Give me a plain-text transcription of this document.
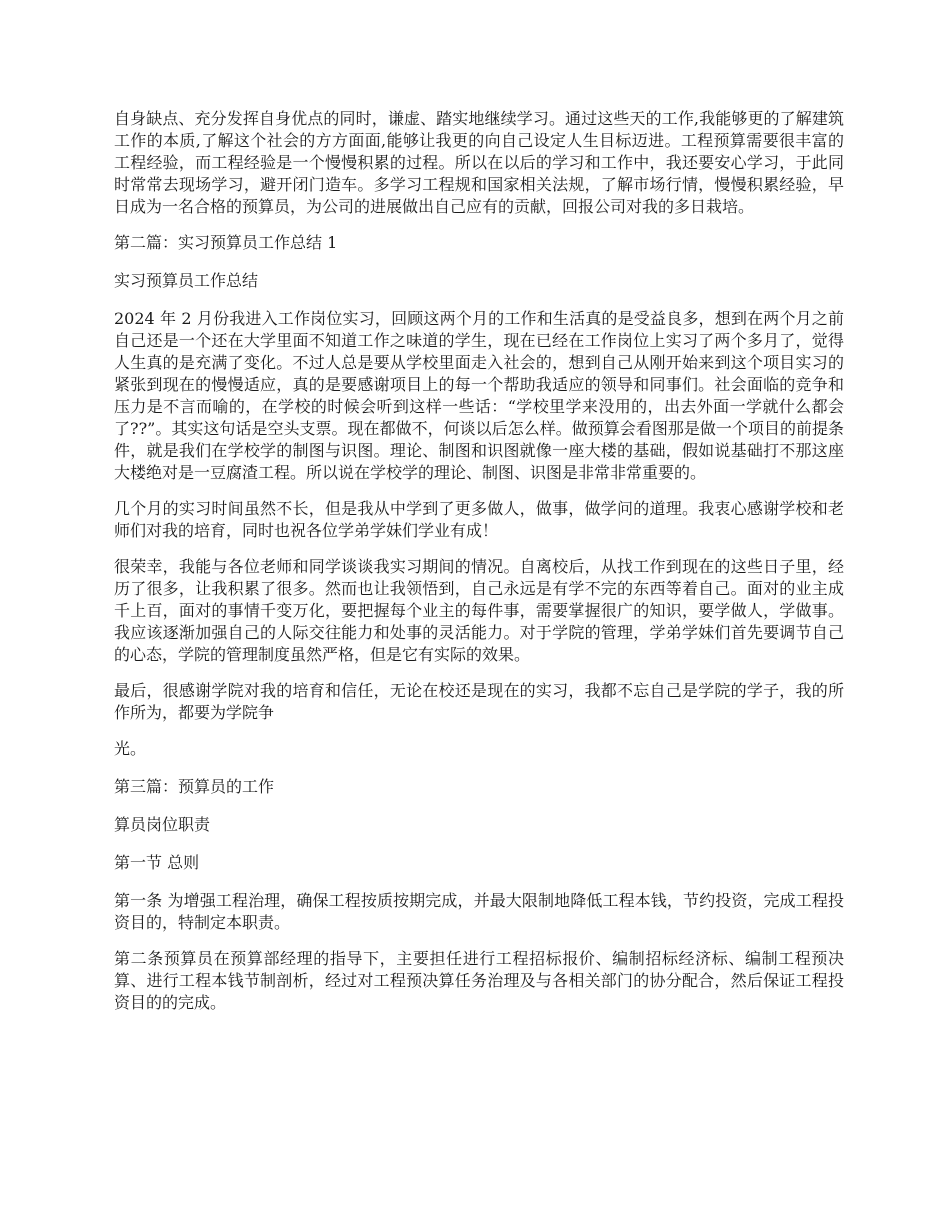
自身缺点、充分发挥自身优点的同时，谦虚、踏实地继续学习。通过这些天的工作,我能够更的了解建筑工作的本质,了解这个社会的方方面面,能够让我更的向自己设定人生目标迈进。工程预算需要很丰富的工程经验，而工程经验是一个慢慢积累的过程。所以在以后的学习和工作中，我还要安心学习，于此同时常常去现场学习，避开闭门造车。多学习工程规和国家相关法规，了解市场行情，慢慢积累经验，早日成为一名合格的预算员，为公司的进展做出自己应有的贡献，回报公司对我的多日栽培。

第二篇：实习预算员工作总结 1

实习预算员工作总结

2024 年 2 月份我进入工作岗位实习，回顾这两个月的工作和生活真的是受益良多，想到在两个月之前自己还是一个还在大学里面不知道工作之味道的学生，现在已经在工作岗位上实习了两个多月了，觉得人生真的是充满了变化。不过人总是要从学校里面走入社会的，想到自己从刚开始来到这个项目实习的紧张到现在的慢慢适应，真的是要感谢项目上的每一个帮助我适应的领导和同事们。社会面临的竞争和压力是不言而喻的，在学校的时候会听到这样一些话：“学校里学来没用的，出去外面一学就什么都会了??”。其实这句话是空头支票。现在都做不，何谈以后怎么样。做预算会看图那是做一个项目的前提条件，就是我们在学校学的制图与识图。理论、制图和识图就像一座大楼的基础，假如说基础打不那这座大楼绝对是一豆腐渣工程。所以说在学校学的理论、制图、识图是非常非常重要的。

几个月的实习时间虽然不长，但是我从中学到了更多做人，做事，做学问的道理。我衷心感谢学校和老师们对我的培育，同时也祝各位学弟学妹们学业有成！

很荣幸，我能与各位老师和同学谈谈我实习期间的情况。自离校后，从找工作到现在的这些日子里，经历了很多，让我积累了很多。然而也让我领悟到，自己永远是有学不完的东西等着自己。面对的业主成千上百，面对的事情千变万化，要把握每个业主的每件事，需要掌握很广的知识，要学做人，学做事。我应该逐渐加强自己的人际交往能力和处事的灵活能力。对于学院的管理，学弟学妹们首先要调节自己的心态，学院的管理制度虽然严格，但是它有实际的效果。

最后，很感谢学院对我的培育和信任，无论在校还是现在的实习，我都不忘自己是学院的学子，我的所作所为，都要为学院争

光。

第三篇：预算员的工作

算员岗位职责

第一节 总则

第一条 为增强工程治理，确保工程按质按期完成，并最大限制地降低工程本钱，节约投资，完成工程投资目的，特制定本职责。

第二条预算员在预算部经理的指导下，主要担任进行工程招标报价、编制招标经济标、编制工程预决算、进行工程本钱节制剖析，经过对工程预决算任务治理及与各相关部门的协分配合，然后保证工程投资目的的完成。
